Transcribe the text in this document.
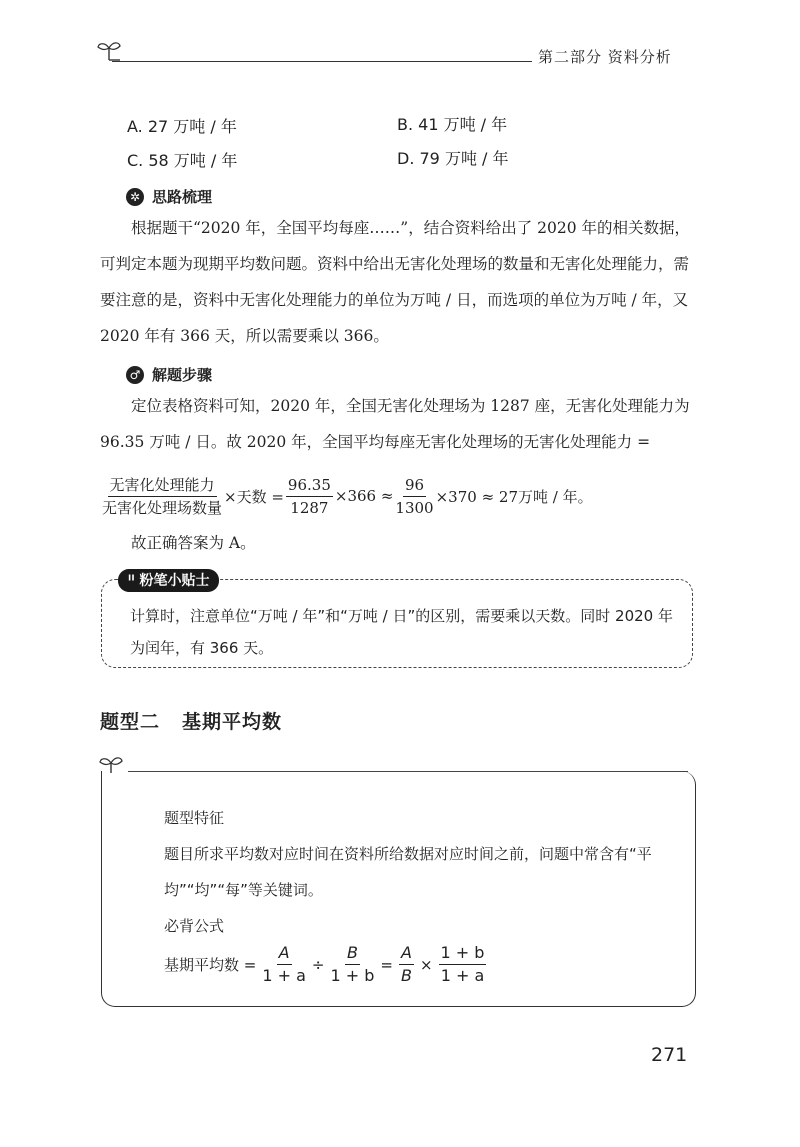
第二部分 资料分析
A. 27 万吨 / 年	B. 41 万吨 / 年
C. 58 万吨 / 年	D. 79 万吨 / 年
✲ 思路梳理

根据题干“2020 年，全国平均每座……”，结合资料给出了 2020 年的相关数据，可判定本题为现期平均数问题。资料中给出无害化处理场的数量和无害化处理能力，需要注意的是，资料中无害化处理能力的单位为万吨 / 日，而选项的单位为万吨 / 年，又 2020 年有 366 天，所以需要乘以 366。

♂ 解题步骤

定位表格资料可知，2020 年，全国无害化处理场为 1287 座，无害化处理能力为 96.35 万吨 / 日。故 2020 年，全国平均每座无害化处理场的无害化处理能力 =

$\frac{\text{无害化处理能力}}{\text{无害化处理场数量}}$ ×天数 = $\frac{96.35}{1287} \times 366 \approx \frac{96}{1300} \times 370 \approx 27$万吨 / 年。
故正确答案为 A。
ᐦ 粉笔小贴士
计算时，注意单位“万吨 / 年”和“万吨 / 日”的区别，需要乘以天数。同时 2020 年为闰年，有 366 天。
题型二 基期平均数
题型特征
题目所求平均数对应时间在资料所给数据对应时间之前，问题中常含有“平均”“均”“每”等关键词。
必背公式
基期平均数 = $\frac{A}{1 + a} \div \frac{B}{1 + b} = \frac{A}{B} \times \frac{1 + b}{1 + a}$
271
